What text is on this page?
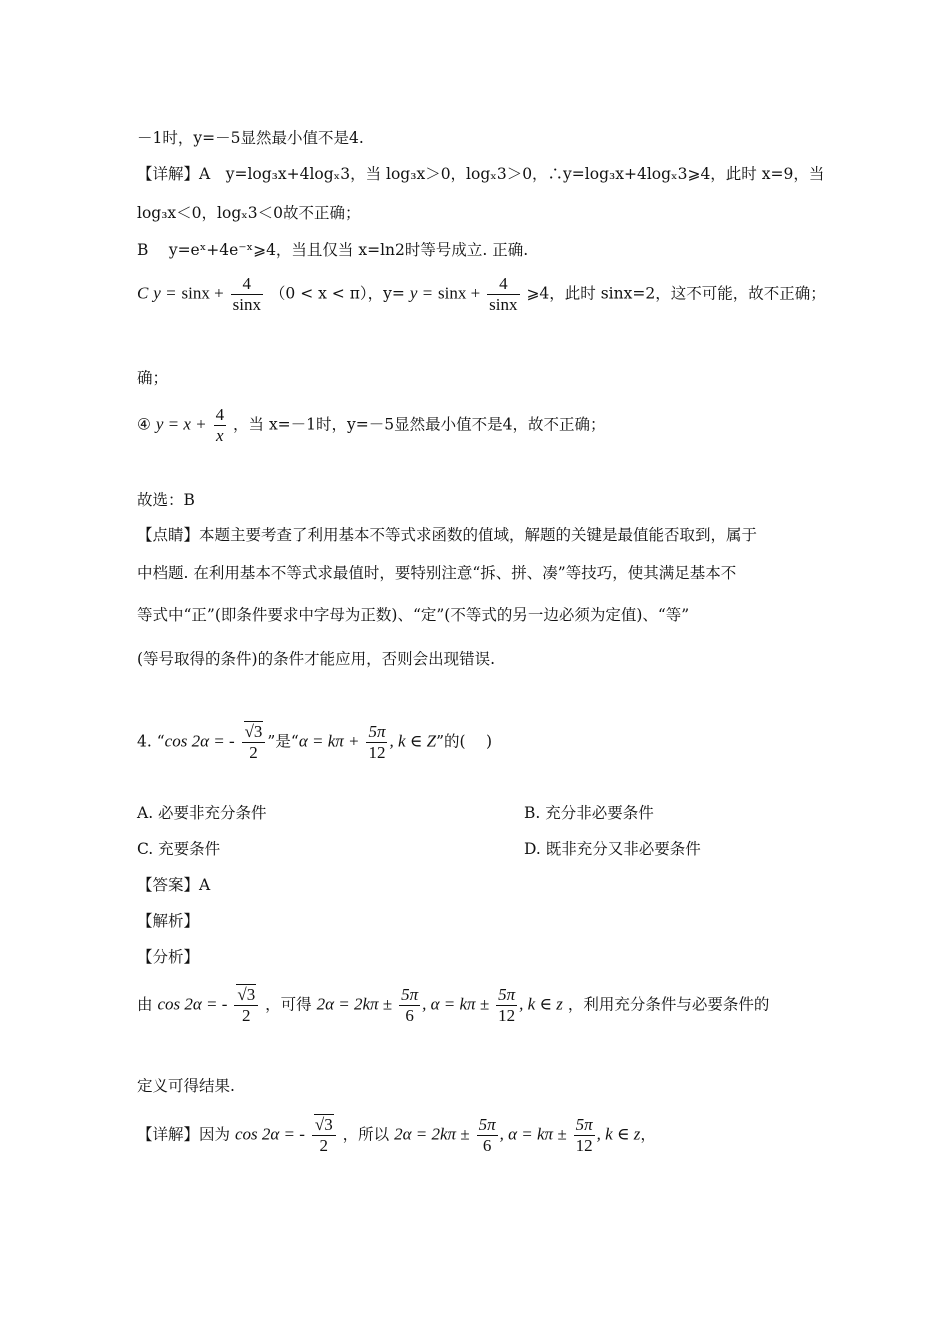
－1时，y=－5显然最小值不是4.
【详解】A　y=log₃x+4logₓ3，当 log₃x＞0，logₓ3＞0，∴y=log₃x+4logₓ3⩾4，此时 x=9，当
log₃x＜0，logₓ3＜0故不正确；
B　 y=eˣ+4e⁻ˣ⩾4，当且仅当 x=ln2时等号成立. 正确.
C $y = \sin x + \frac{4}{\sin x} (0 < x < \pi)$，$y= y = \sin x + \frac{4}{\sin x}$ ⩾4，此时 sinx=2，这不可能，故不正确；
确；
④ $y = x + \frac{4}{x}$ ，当 x=－1时，y=－5显然最小值不是4，故不正确；
故选：B
【点睛】本题主要考查了利用基本不等式求函数的值域，解题的关键是最值能否取到，属于
中档题. 在利用基本不等式求最值时，要特别注意“拆、拼、凑”等技巧，使其满足基本不
等式中“正”(即条件要求中字母为正数)、“定”(不等式的另一边必须为定值)、“等”
(等号取得的条件)的条件才能应用，否则会出现错误.
4. “cos 2α = - $\frac{√3}{2}$ ”是“$\alpha = k\pi + \frac{5\pi}{12}$ , k ∈ Z”的(　 )
A. 必要非充分条件	B. 充分非必要条件
C. 充要条件	D. 既非充分又非必要条件
【答案】A
【解析】
【分析】
由 cos 2α = - $\frac{√3}{2}$ ，可得 $2\alpha = 2k\pi \pm \frac{5\pi}{6}$ , $\alpha = k\pi \pm \frac{5\pi}{12}$ , k ∈ z ，利用充分条件与必要条件的
定义可得结果.
【详解】因为 cos 2α = - $\frac{√3}{2}$ ，所以 $2\alpha = 2k\pi \pm \frac{5\pi}{6}$ , $\alpha = k\pi \pm \frac{5\pi}{12}$ , k ∈ z，
